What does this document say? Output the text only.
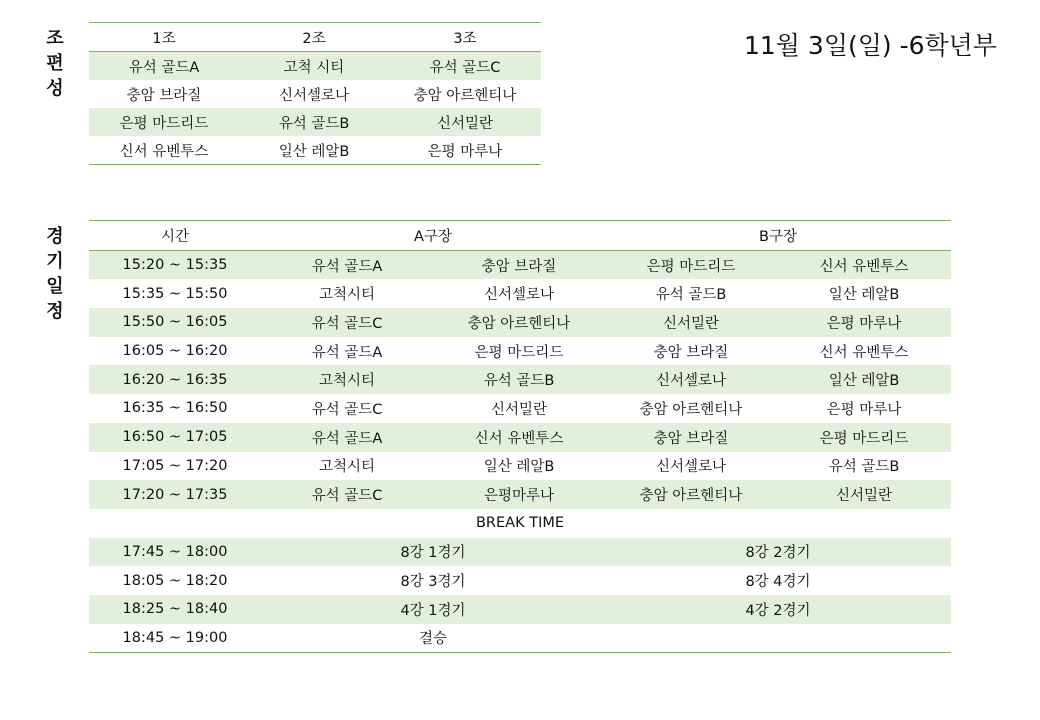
조
편
성
경
기
일
정
11월 3일(일) -6학년부
1조	2조	3조
유석 골드A	고척 시티	유석 골드C
충암 브라질	신서셀로나	충암 아르헨티나
은평 마드리드	유석 골드B	신서밀란
신서 유벤투스	일산 레알B	은평 마루나
시간	A구장		B구장	
15:20 ~ 15:35	유석 골드A	충암 브라질	은평 마드리드	신서 유벤투스
15:35 ~ 15:50	고척시티	신서셀로나	유석 골드B	일산 레알B
15:50 ~ 16:05	유석 골드C	충암 아르헨티나	신서밀란	은평 마루나
16:05 ~ 16:20	유석 골드A	은평 마드리드	충암 브라질	신서 유벤투스
16:20 ~ 16:35	고척시티	유석 골드B	신서셀로나	일산 레알B
16:35 ~ 16:50	유석 골드C	신서밀란	충암 아르헨티나	은평 마루나
16:50 ~ 17:05	유석 골드A	신서 유벤투스	충암 브라질	은평 마드리드
17:05 ~ 17:20	고척시티	일산 레알B	신서셀로나	유석 골드B
17:20 ~ 17:35	유석 골드C	은평마루나	충암 아르헨티나	신서밀란
BREAK TIME				
17:45 ~ 18:00	8강 1경기		8강 2경기	
18:05 ~ 18:20	8강 3경기		8강 4경기	
18:25 ~ 18:40	4강 1경기		4강 2경기	
18:45 ~ 19:00	결승			
